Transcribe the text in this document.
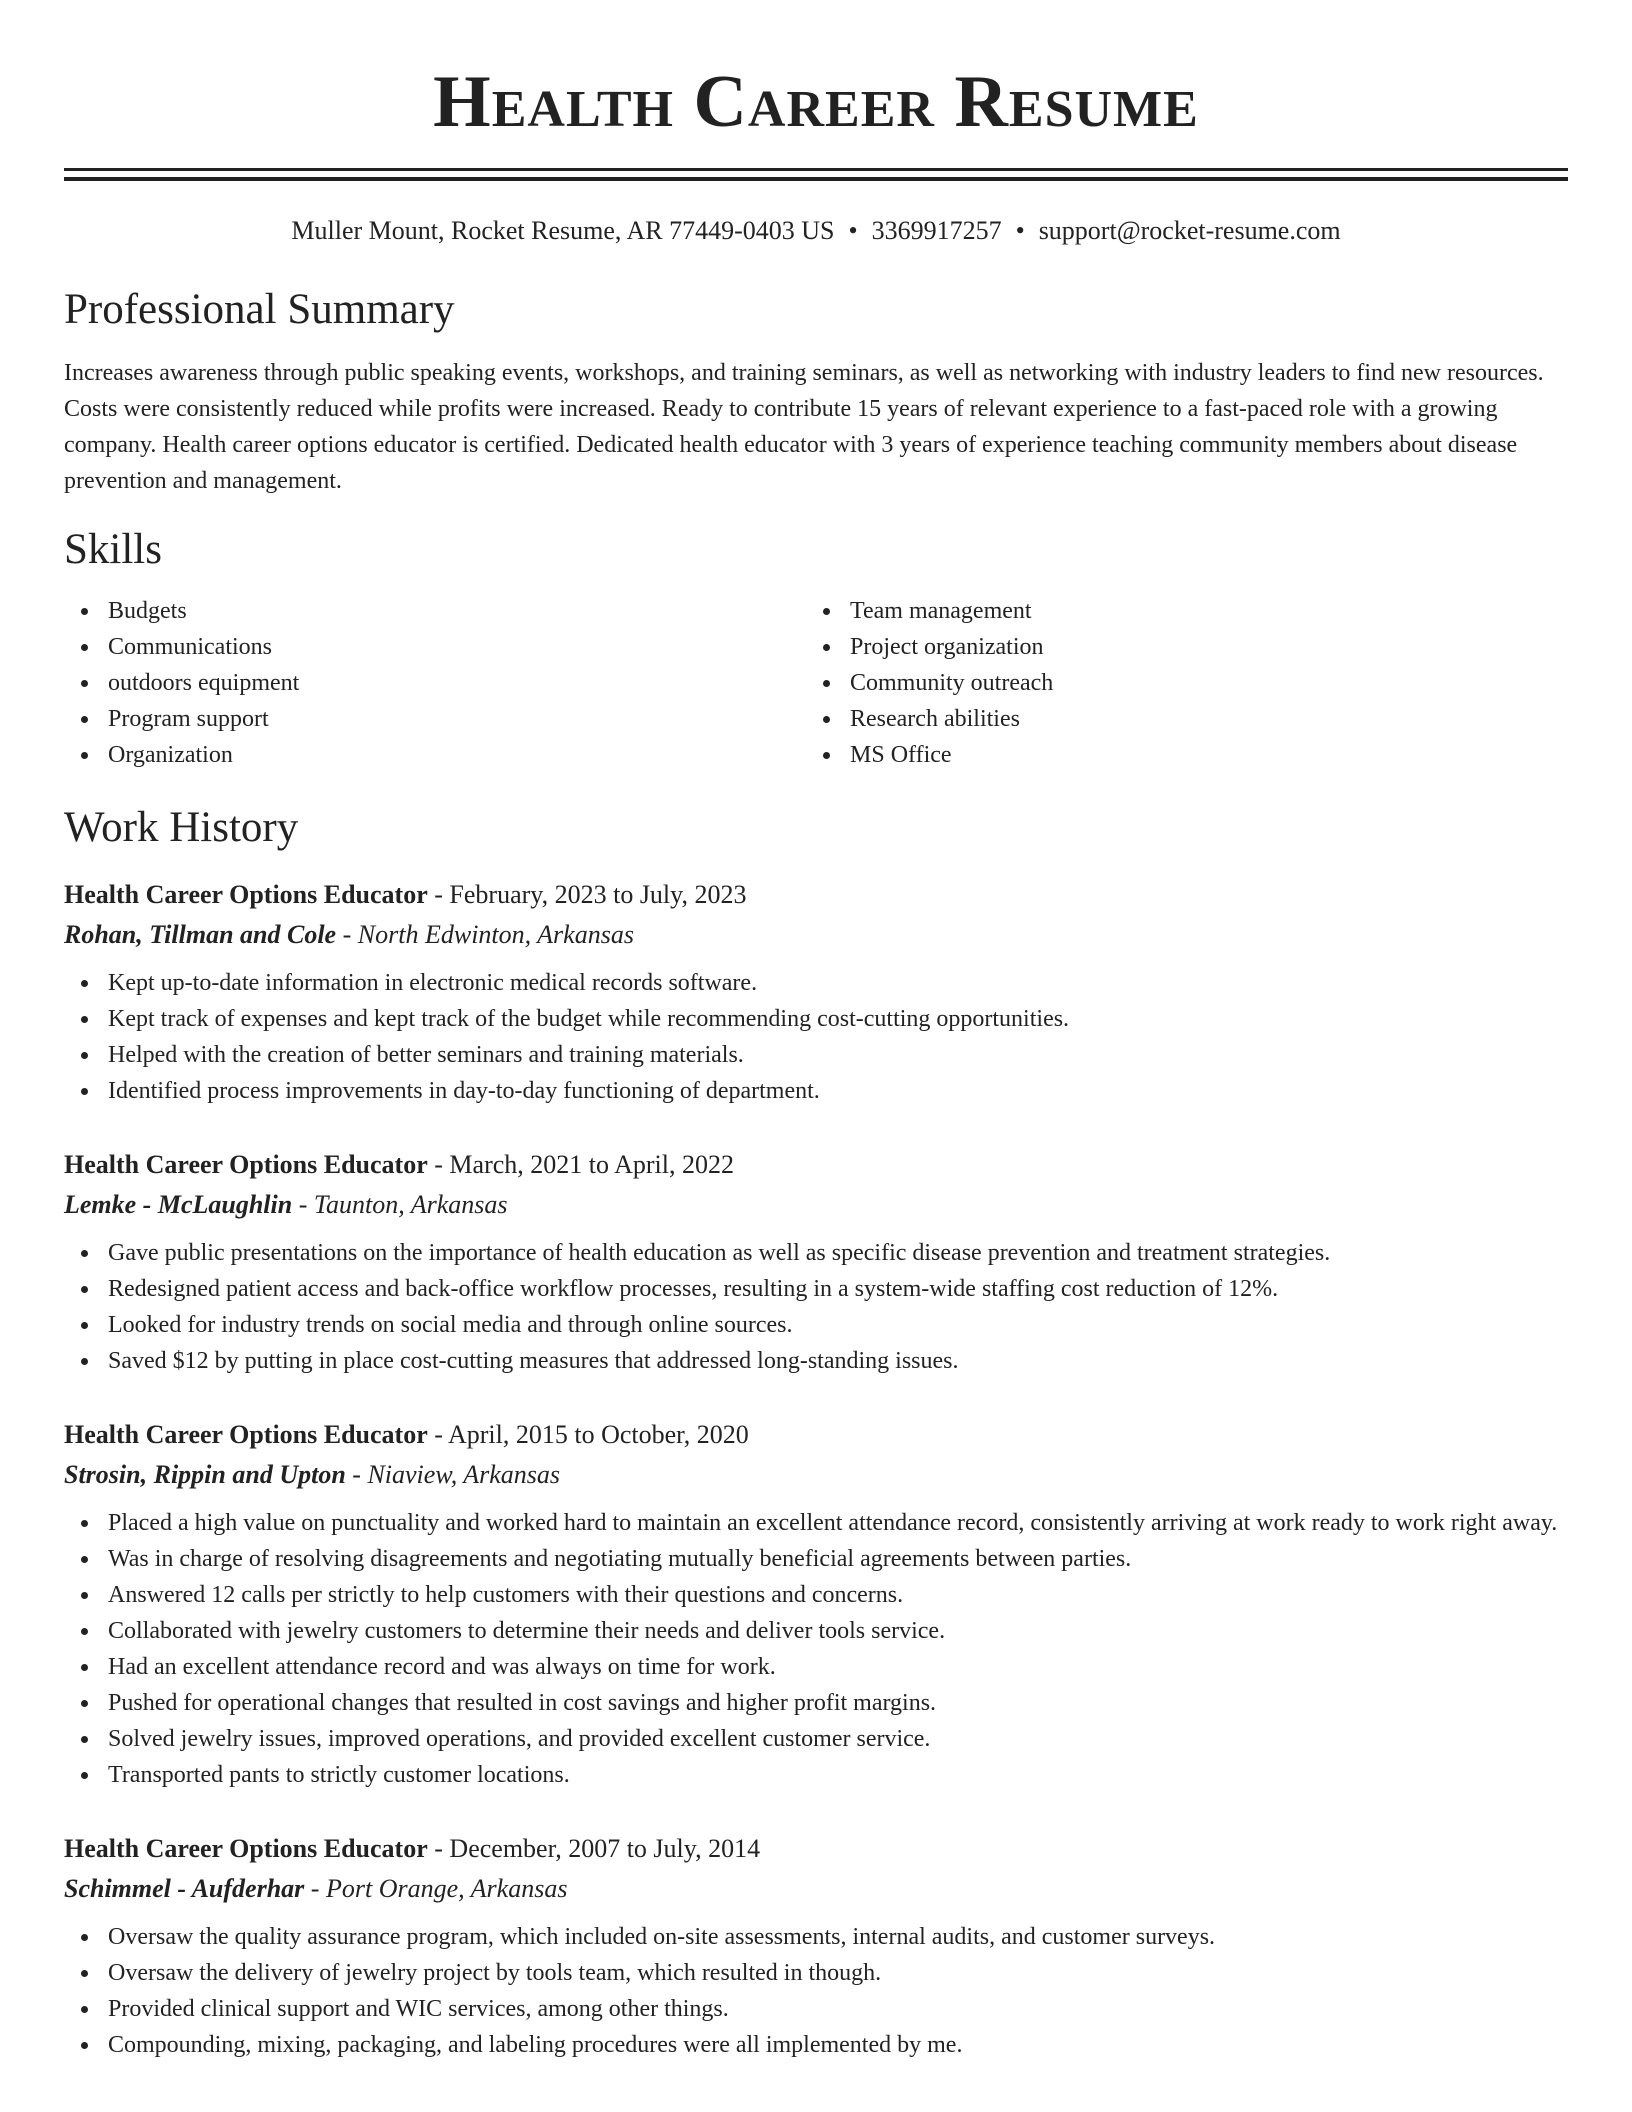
Health Career Resume
Muller Mount, Rocket Resume, AR 77449-0403 US • 3369917257 • support@rocket-resume.com
Professional Summary
Increases awareness through public speaking events, workshops, and training seminars, as well as networking with industry leaders to find new resources. Costs were consistently reduced while profits were increased. Ready to contribute 15 years of relevant experience to a fast-paced role with a growing company. Health career options educator is certified. Dedicated health educator with 3 years of experience teaching community members about disease prevention and management.
Skills
Budgets
Communications
outdoors equipment
Program support
Organization
Team management
Project organization
Community outreach
Research abilities
MS Office
Work History
Health Career Options Educator - February, 2023 to July, 2023
Rohan, Tillman and Cole - North Edwinton, Arkansas
Kept up-to-date information in electronic medical records software.
Kept track of expenses and kept track of the budget while recommending cost-cutting opportunities.
Helped with the creation of better seminars and training materials.
Identified process improvements in day-to-day functioning of department.
Health Career Options Educator - March, 2021 to April, 2022
Lemke - McLaughlin - Taunton, Arkansas
Gave public presentations on the importance of health education as well as specific disease prevention and treatment strategies.
Redesigned patient access and back-office workflow processes, resulting in a system-wide staffing cost reduction of 12%.
Looked for industry trends on social media and through online sources.
Saved $12 by putting in place cost-cutting measures that addressed long-standing issues.
Health Career Options Educator - April, 2015 to October, 2020
Strosin, Rippin and Upton - Niaview, Arkansas
Placed a high value on punctuality and worked hard to maintain an excellent attendance record, consistently arriving at work ready to work right away.
Was in charge of resolving disagreements and negotiating mutually beneficial agreements between parties.
Answered 12 calls per strictly to help customers with their questions and concerns.
Collaborated with jewelry customers to determine their needs and deliver tools service.
Had an excellent attendance record and was always on time for work.
Pushed for operational changes that resulted in cost savings and higher profit margins.
Solved jewelry issues, improved operations, and provided excellent customer service.
Transported pants to strictly customer locations.
Health Career Options Educator - December, 2007 to July, 2014
Schimmel - Aufderhar - Port Orange, Arkansas
Oversaw the quality assurance program, which included on-site assessments, internal audits, and customer surveys.
Oversaw the delivery of jewelry project by tools team, which resulted in though.
Provided clinical support and WIC services, among other things.
Compounding, mixing, packaging, and labeling procedures were all implemented by me.
